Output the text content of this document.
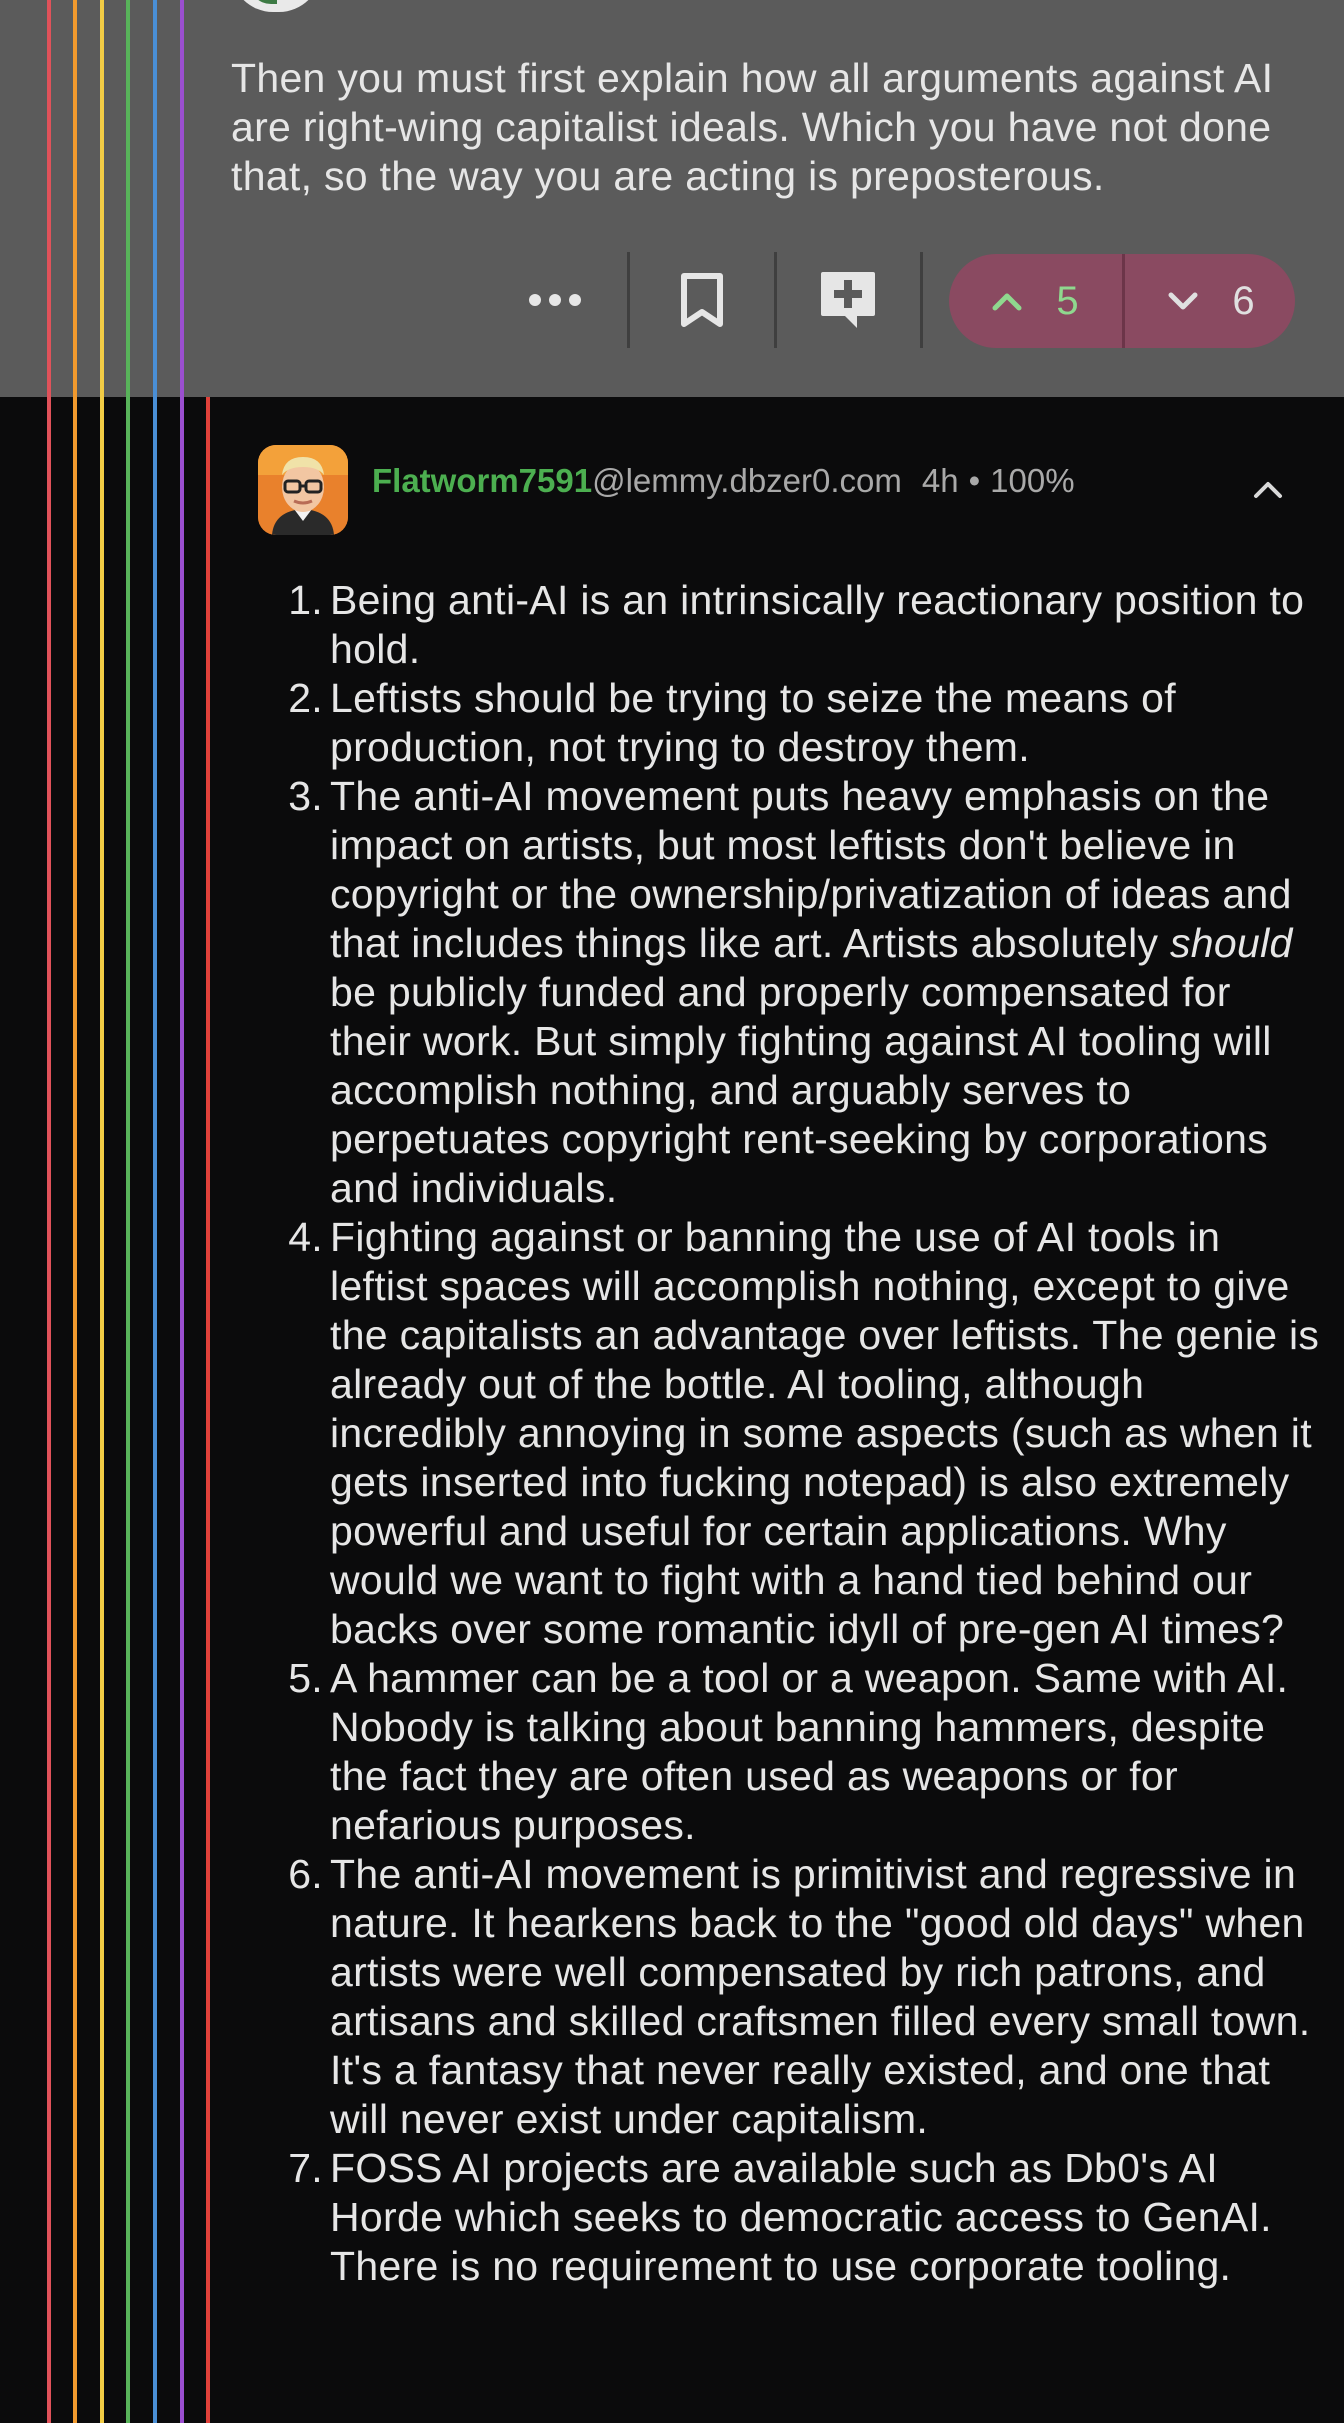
Then you must first explain how all arguments against AI are right-wing capitalist ideals. Which you have not done that, so the way you are acting is preposterous.
5	6
Flatworm7591 @lemmy.dbzer0.com 4h • 100%
1. Being anti-AI is an intrinsically reactionary position to hold.
2. Leftists should be trying to seize the means of production, not trying to destroy them.
3. The anti-AI movement puts heavy emphasis on the impact on artists, but most leftists don't believe in copyright or the ownership/privatization of ideas and that includes things like art. Artists absolutely should be publicly funded and properly compensated for their work. But simply fighting against AI tooling will accomplish nothing, and arguably serves to perpetuates copyright rent-seeking by corporations and individuals.
4. Fighting against or banning the use of AI tools in leftist spaces will accomplish nothing, except to give the capitalists an advantage over leftists. The genie is already out of the bottle. AI tooling, although incredibly annoying in some aspects (such as when it gets inserted into fucking notepad) is also extremely powerful and useful for certain applications. Why would we want to fight with a hand tied behind our backs over some romantic idyll of pre-gen AI times?
5. A hammer can be a tool or a weapon. Same with AI. Nobody is talking about banning hammers, despite the fact they are often used as weapons or for nefarious purposes.
6. The anti-AI movement is primitivist and regressive in nature. It hearkens back to the "good old days" when artists were well compensated by rich patrons, and artisans and skilled craftsmen filled every small town. It's a fantasy that never really existed, and one that will never exist under capitalism.
7. FOSS AI projects are available such as Db0's AI Horde which seeks to democratic access to GenAI. There is no requirement to use corporate tooling.
